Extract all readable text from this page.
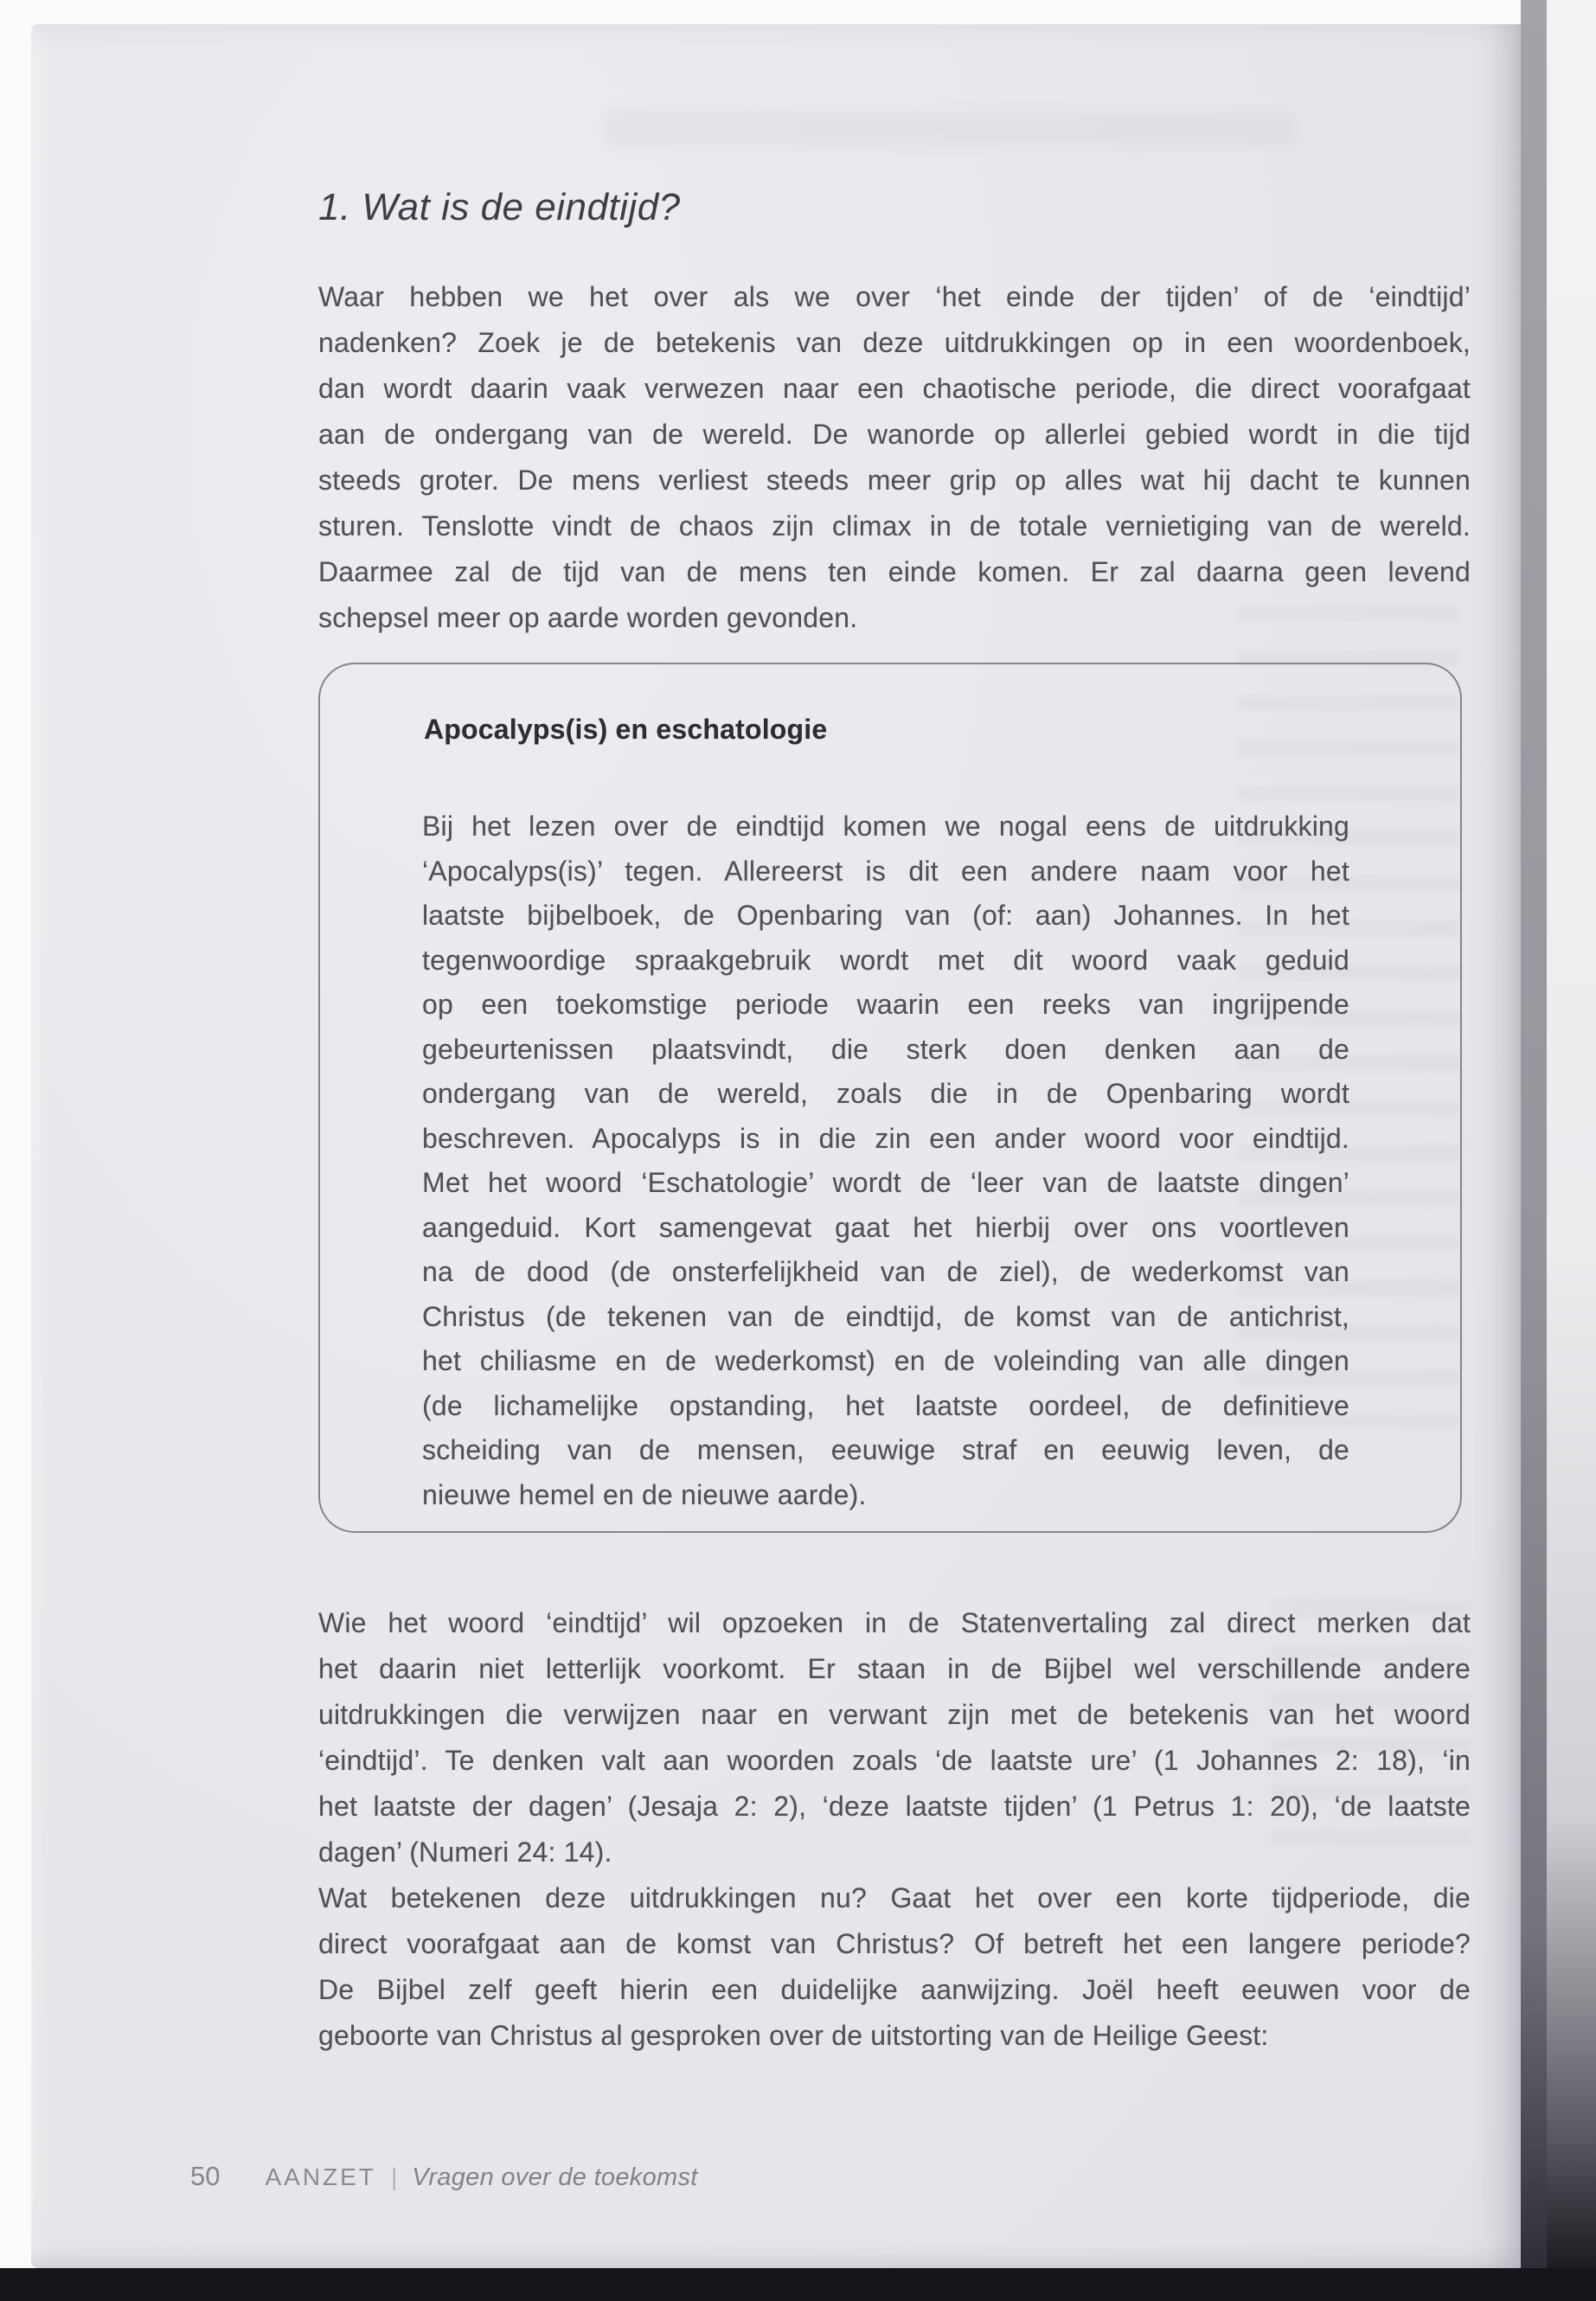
1. Wat is de eindtijd?
Waar hebben we het over als we over ‘het einde der tijden’ of de ‘eindtijd’
nadenken? Zoek je de betekenis van deze uitdrukkingen op in een woordenboek,
dan wordt daarin vaak verwezen naar een chaotische periode, die direct voorafgaat
aan de ondergang van de wereld. De wanorde op allerlei gebied wordt in die tijd
steeds groter. De mens verliest steeds meer grip op alles wat hij dacht te kunnen
sturen. Tenslotte vindt de chaos zijn climax in de totale vernietiging van de wereld.
Daarmee zal de tijd van de mens ten einde komen. Er zal daarna geen levend
schepsel meer op aarde worden gevonden.
Apocalyps(is) en eschatologie
Bij het lezen over de eindtijd komen we nogal eens de uitdrukking
‘Apocalyps(is)’ tegen. Allereerst is dit een andere naam voor het
laatste bijbelboek, de Openbaring van (of: aan) Johannes. In het
tegenwoordige spraakgebruik wordt met dit woord vaak geduid
op een toekomstige periode waarin een reeks van ingrijpende
gebeurtenissen plaatsvindt, die sterk doen denken aan de
ondergang van de wereld, zoals die in de Openbaring wordt
beschreven. Apocalyps is in die zin een ander woord voor eindtijd.
Met het woord ‘Eschatologie’ wordt de ‘leer van de laatste dingen’
aangeduid. Kort samengevat gaat het hierbij over ons voortleven
na de dood (de onsterfelijkheid van de ziel), de wederkomst van
Christus (de tekenen van de eindtijd, de komst van de antichrist,
het chiliasme en de wederkomst) en de voleinding van alle dingen
(de lichamelijke opstanding, het laatste oordeel, de definitieve
scheiding van de mensen, eeuwige straf en eeuwig leven, de
nieuwe hemel en de nieuwe aarde).
Wie het woord ‘eindtijd’ wil opzoeken in de Statenvertaling zal direct merken dat
het daarin niet letterlijk voorkomt. Er staan in de Bijbel wel verschillende andere
uitdrukkingen die verwijzen naar en verwant zijn met de betekenis van het woord
‘eindtijd’. Te denken valt aan woorden zoals ‘de laatste ure’ (1 Johannes 2: 18), ‘in
het laatste der dagen’ (Jesaja 2: 2), ‘deze laatste tijden’ (1 Petrus 1: 20), ‘de laatste
dagen’ (Numeri 24: 14).
Wat betekenen deze uitdrukkingen nu? Gaat het over een korte tijdperiode, die
direct voorafgaat aan de komst van Christus? Of betreft het een langere periode?
De Bijbel zelf geeft hierin een duidelijke aanwijzing. Joël heeft eeuwen voor de
geboorte van Christus al gesproken over de uitstorting van de Heilige Geest:
50 AANZET | Vragen over de toekomst
